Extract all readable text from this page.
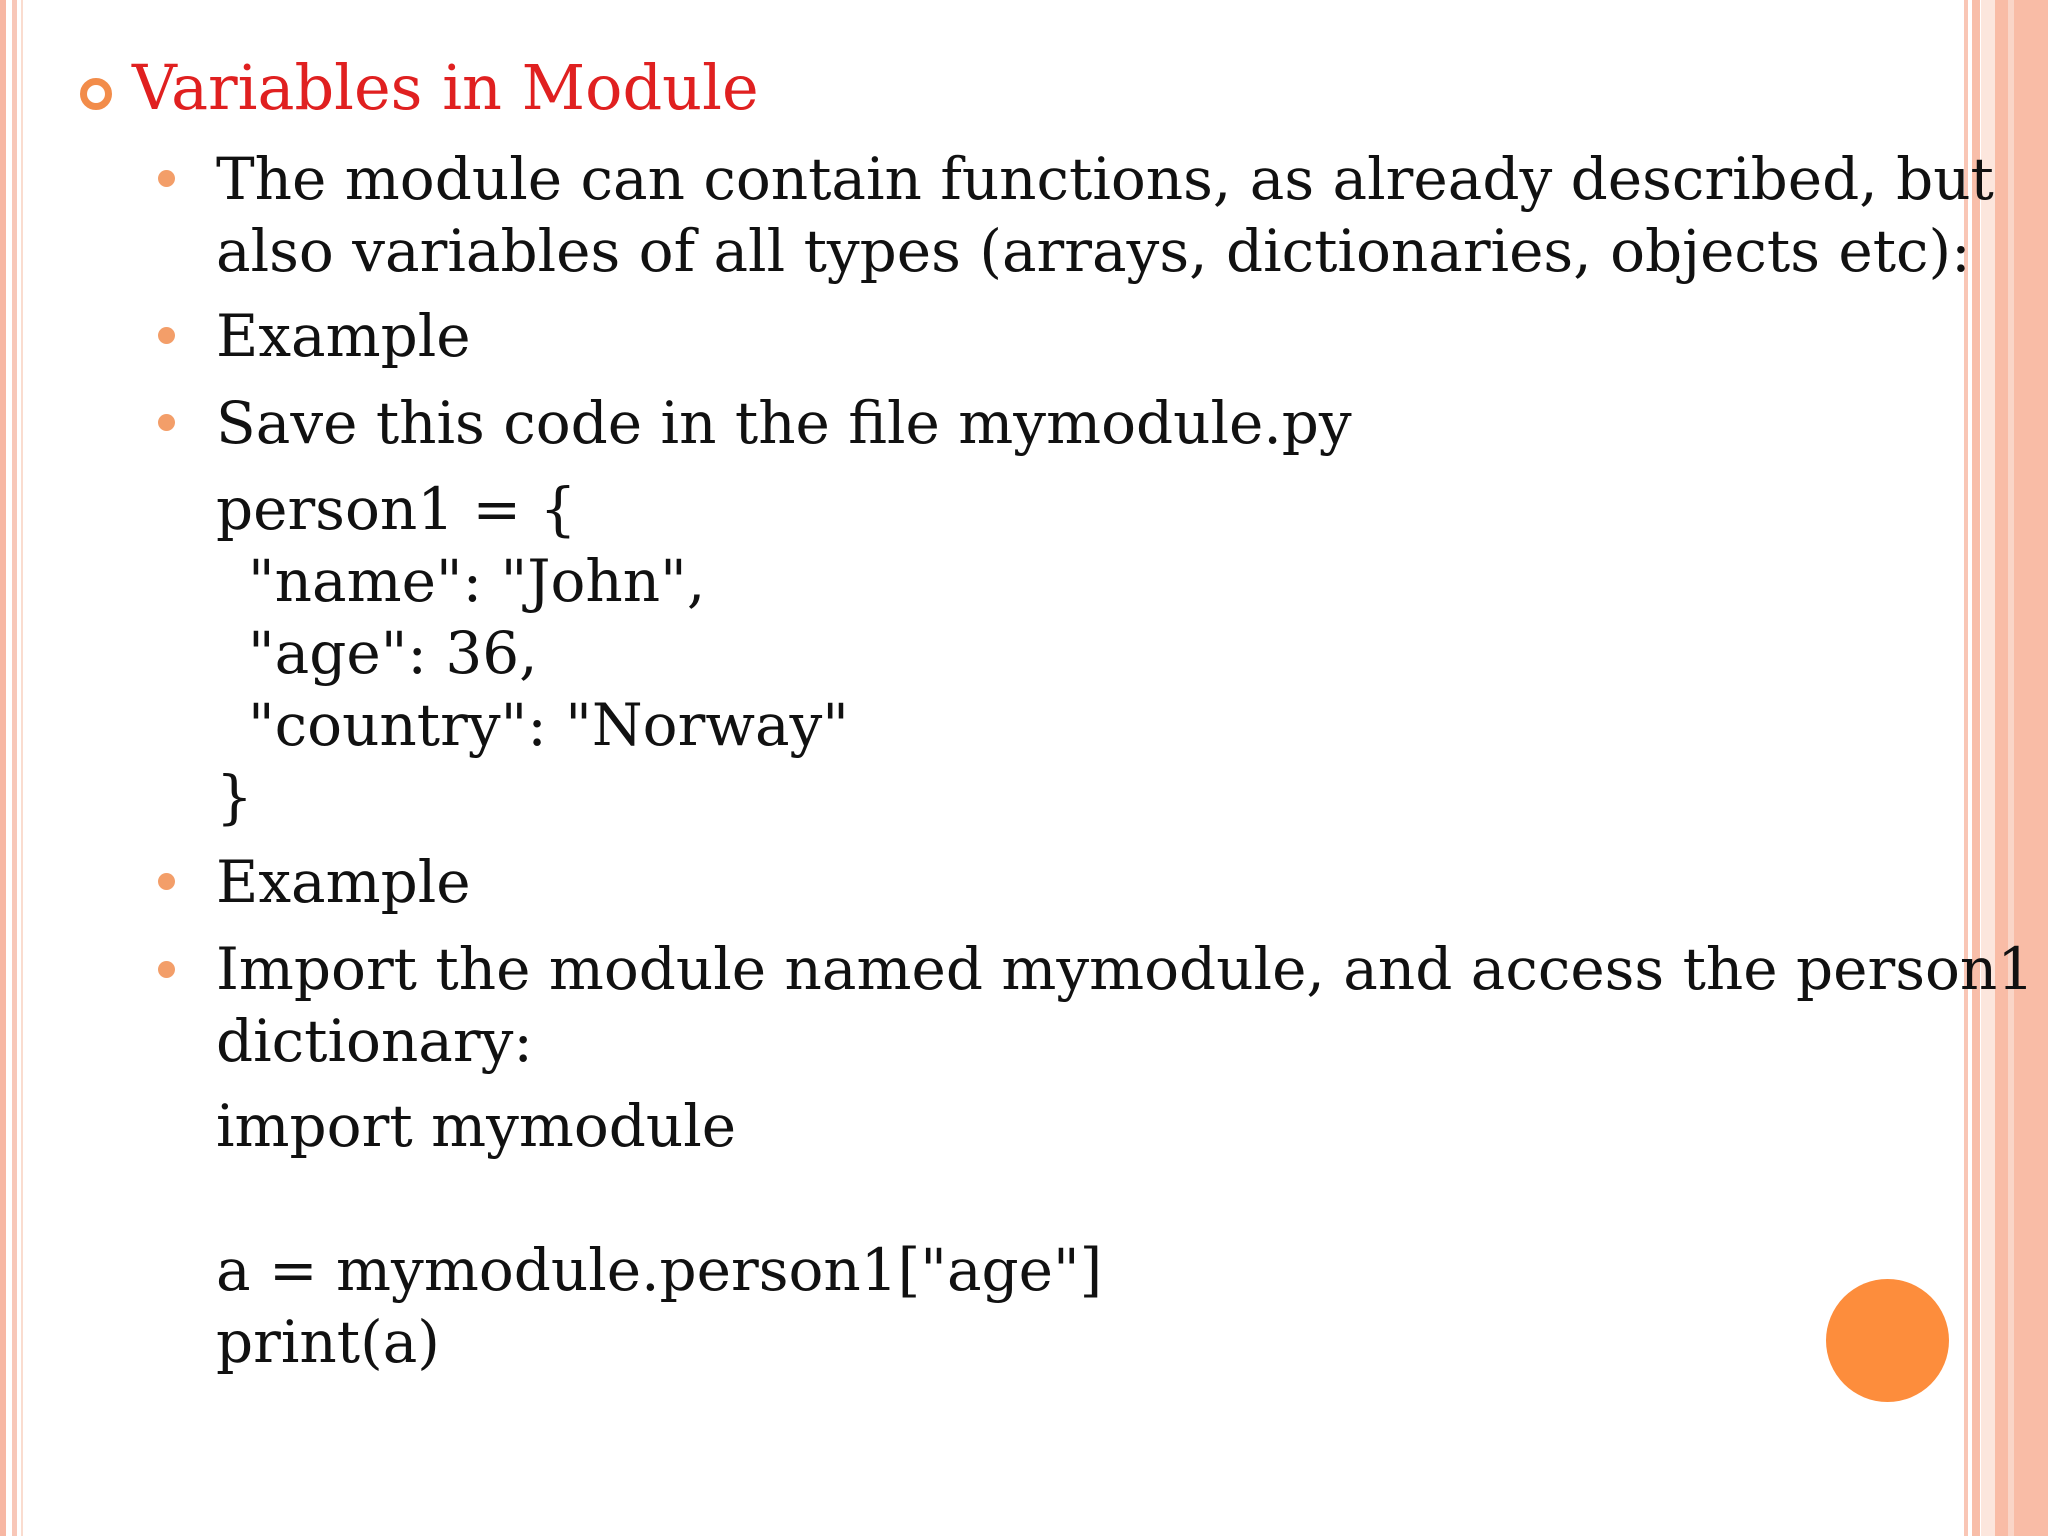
Variables in Module
The module can contain functions, as already described, but
also variables of all types (arrays, dictionaries, objects etc):
Example
Save this code in the file mymodule.py
person1 = {
"name": "John",
"age": 36,
"country": "Norway"
}
Example
Import the module named mymodule, and access the person1
dictionary:
import mymodule
a = mymodule.person1["age"]
print(a)
